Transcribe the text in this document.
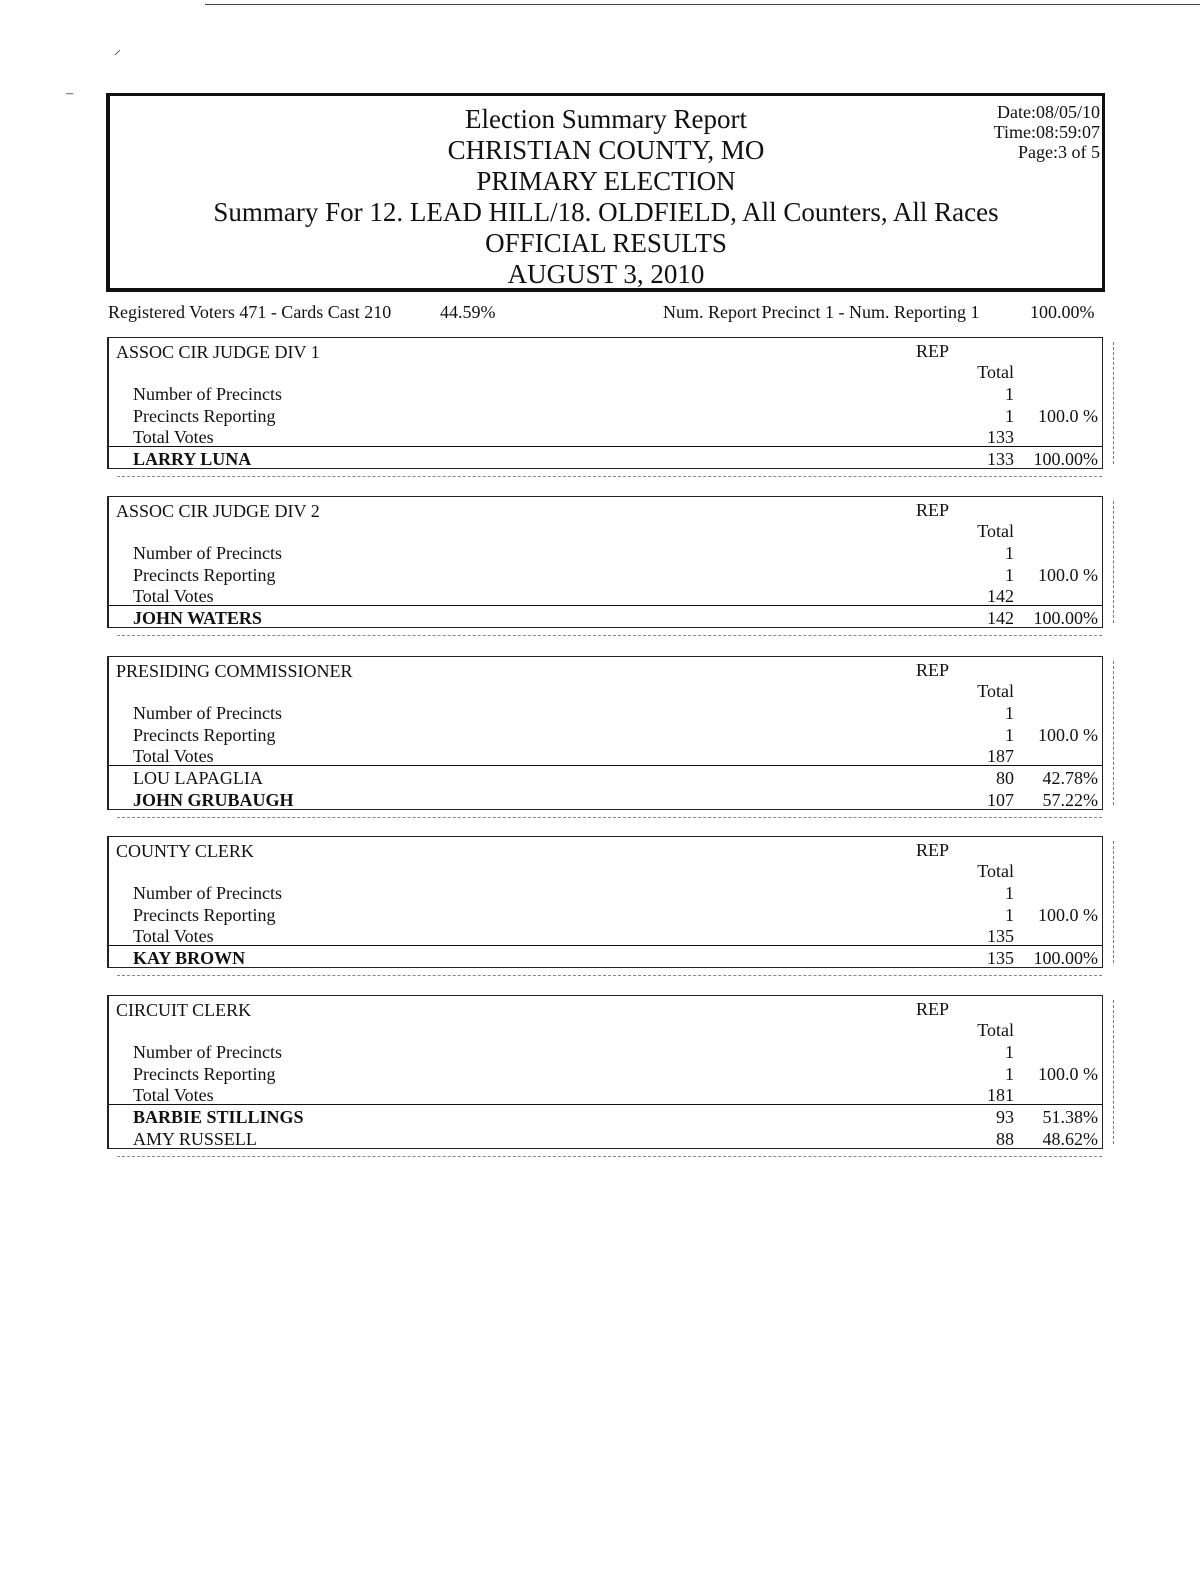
⸝
‒
Election Summary Report
CHRISTIAN COUNTY, MO
PRIMARY ELECTION
Summary For 12. LEAD HILL/18. OLDFIELD, All Counters, All Races
OFFICIAL RESULTS
AUGUST 3, 2010
Date:08/05/10
Time:08:59:07
Page:3 of 5
Registered Voters 471 - Cards Cast 210	44.59%	Num. Report Precinct 1 - Num. Reporting 1	100.00%
ASSOC CIR JUDGE DIV 1	REP
Total
Number of Precincts	1
Precincts Reporting	1	100.0 %
Total Votes	133
LARRY LUNA	133	100.00%
ASSOC CIR JUDGE DIV 2	REP
Total
Number of Precincts	1
Precincts Reporting	1	100.0 %
Total Votes	142
JOHN WATERS	142	100.00%
PRESIDING COMMISSIONER	REP
Total
Number of Precincts	1
Precincts Reporting	1	100.0 %
Total Votes	187
LOU LAPAGLIA	80	42.78%
JOHN GRUBAUGH	107	57.22%
COUNTY CLERK	REP
Total
Number of Precincts	1
Precincts Reporting	1	100.0 %
Total Votes	135
KAY BROWN	135	100.00%
CIRCUIT CLERK	REP
Total
Number of Precincts	1
Precincts Reporting	1	100.0 %
Total Votes	181
BARBIE STILLINGS	93	51.38%
AMY RUSSELL	88	48.62%
